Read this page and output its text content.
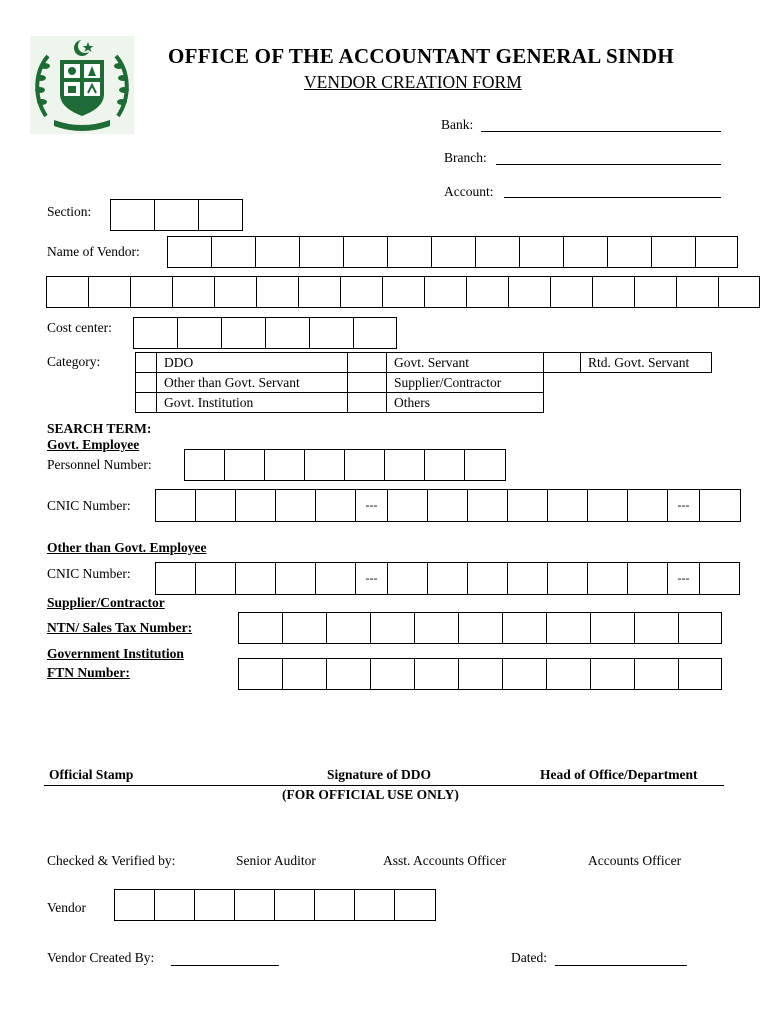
OFFICE OF THE ACCOUNTANT GENERAL SINDH
VENDOR CREATION FORM
Bank:
Branch:
Account:
Section:
Name of Vendor:
Cost center:
Category:
		DDO		Govt. Servant		Rtd. Govt. Servant
	Other than Govt. Servant		Supplier/Contractor		
	Govt. Institution		Others		
SEARCH TERM:
Govt. Employee
Personnel Number:
CNIC Number:	---	---
Other than Govt. Employee
CNIC Number:	---	---
Supplier/Contractor
NTN/ Sales Tax Number:
Government Institution
FTN Number:
Official Stamp	Signature of DDO	Head of Office/Department
(FOR OFFICIAL USE ONLY)
Checked & Verified by:	Senior Auditor	Asst. Accounts Officer	Accounts Officer
Vendor
Vendor Created By:	Dated:
